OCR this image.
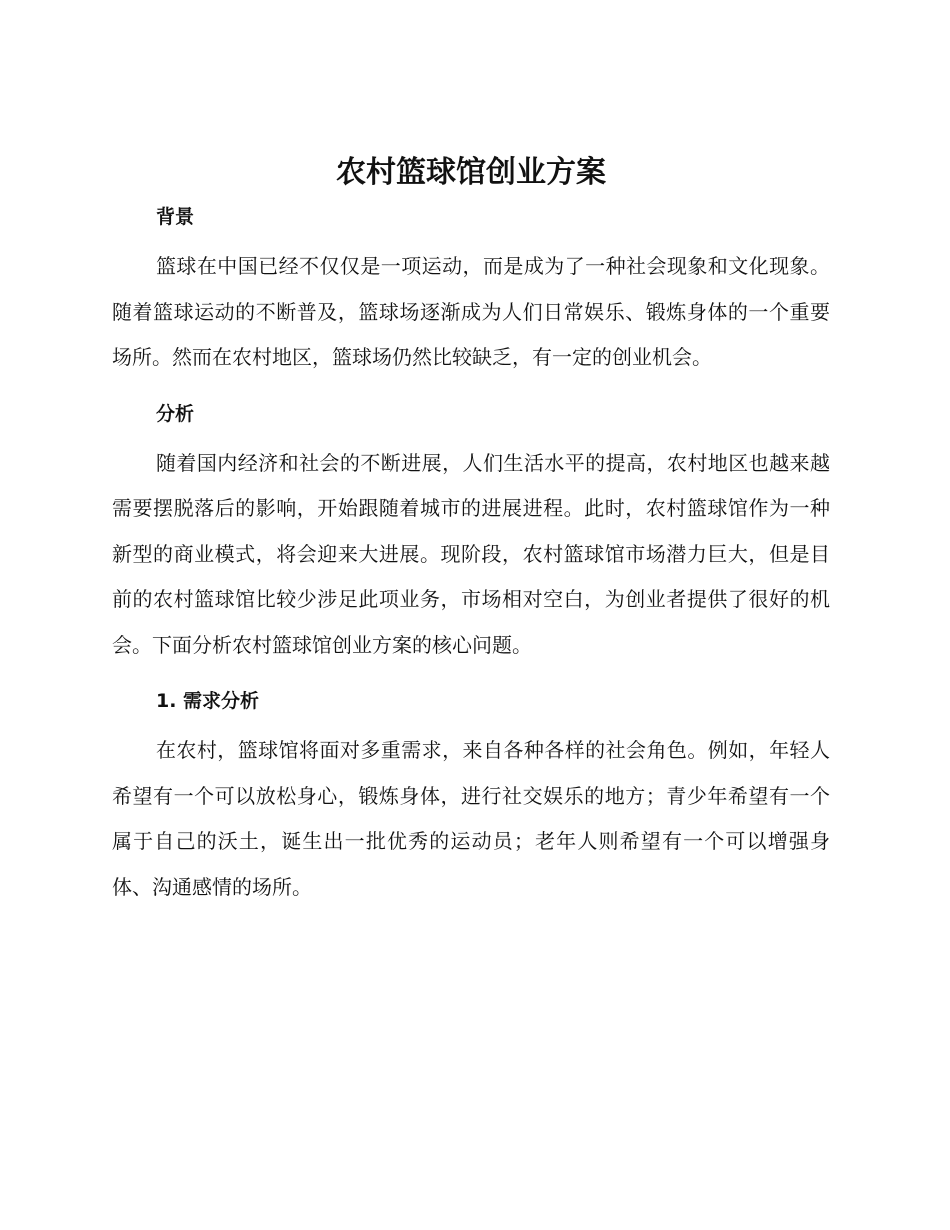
农村篮球馆创业方案
背景

篮球在中国已经不仅仅是一项运动，而是成为了一种社会现象和文化现象。随着篮球运动的不断普及，篮球场逐渐成为人们日常娱乐、锻炼身体的一个重要场所。然而在农村地区，篮球场仍然比较缺乏，有一定的创业机会。

分析

随着国内经济和社会的不断进展，人们生活水平的提高，农村地区也越来越需要摆脱落后的影响，开始跟随着城市的进展进程。此时，农村篮球馆作为一种新型的商业模式，将会迎来大进展。现阶段，农村篮球馆市场潜力巨大，但是目前的农村篮球馆比较少涉足此项业务，市场相对空白，为创业者提供了很好的机会。下面分析农村篮球馆创业方案的核心问题。

1. 需求分析

在农村，篮球馆将面对多重需求，来自各种各样的社会角色。例如，年轻人希望有一个可以放松身心，锻炼身体，进行社交娱乐的地方；青少年希望有一个属于自己的沃土，诞生出一批优秀的运动员；老年人则希望有一个可以增强身体、沟通感情的场所。
